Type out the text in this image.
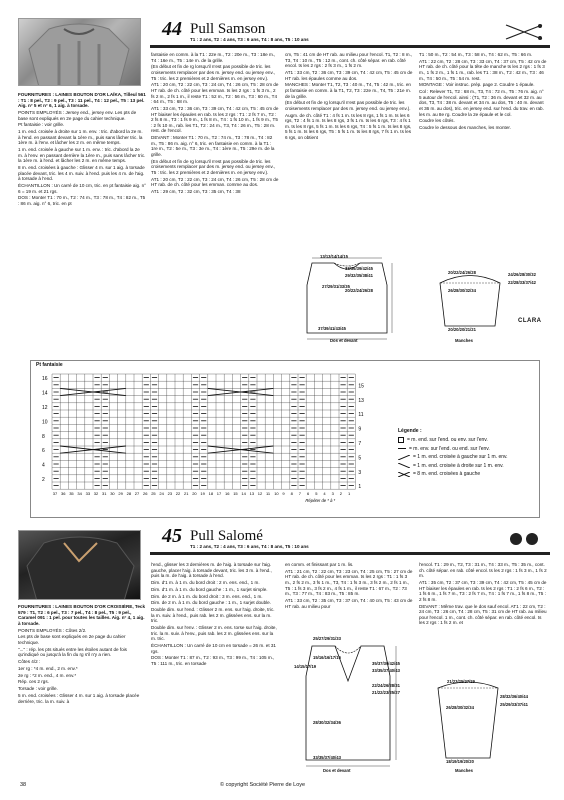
44 Pull Samson
T1 : 2 ans, T2 : 4 ans, T3 : 6 ans, T4 : 8 ans, T5 : 10 ans

FOURNITURES : LAINES BOUTON D'OR LAÏKA, Tilleul 561 : T1 : 8 pel., T2 : 9 pel., T3 : 11 pel., T4 : 12 pel., T5 : 13 pel. Aig. n° 5 et n° 6, 1 aig. à torsade.

POINTS EMPLOYÉS : Jersey end., jersey env. Les pts de base sont expliqués en 2e page du cahier technique.

Pt fantaisie : voir grille.

1 m. end. croisée à droite sur 1 m. env. : tric. d'abord la 2e m. à l'end. en passant devant la 1ère m., puis sans lâcher tric. la 1ère m. à l'env. et lâcher les 2 m. en même temps.

1 m. end. croisée à gauche sur 1 m. env. : tric. d'abord la 2e m. à l'env. en passant derrière la 1ère m., puis sans lâcher tric. la 1ère m. à l'end. et lâcher les 2 m. en même temps.

8 m. end. croisées à gauche : Glisser 4 m. sur 1 aig. à torsade placée devant, tric. les 4 m. suiv. à l'end. puis les 4 m. de l'aig. à torsade à l'end.

ÉCHANTILLON : Un carré de 10 cm, tric. en pt fantaisie aig. n° 6 = 19 m. et 21 rgs.

DOS : Monter T1 : 70 m., T2 : 74 m., T3 : 78 m., T4 : 82 m., T5 : 86 m. aig. n° 6, tric. en pt

fantaisie en comm. à la T1 : 22e m., T2 : 20e m., T3 : 18e m., T4 : 16e m., T5 : 14e m. de la grille.

(En début et fin de rg lorsqu'il n'est pas possible de tric. les croisements remplacer par des m. jersey end. ou jersey env., T5 : tric. les 2 premières et 2 dernières m. en jersey env.).

AT1 : 20 cm, T2 : 22 cm, T3 : 24 cm, T4 : 26 cm, T5 : 28 cm de HT rab. de ch. côté pour les emman. ts les 2 rgs : 1 fs 3 m., 2 fs 2 m., 2 fs 1 m., il reste T1 : 52 m., T2 : 56 m., T3 : 60 m., T4 : 64 m., T5 : 68 m.

AT1 : 33 cm, T2 : 36 cm, T3 : 39 cm, T4 : 42 cm, T5 : 45 cm de HT biaiser les épaules en rab. ts les 2 rgs : T1 : 2 fs 7 m., T2 : 2 fs 8 m., T3 : 1 fs 9 m., 1 fs 8 m., T4 : 1 fs 10 m., 1 fs 9 m., T5 : 2 fs 10 m., rab. les T1, T2 : 24 m., T3, T4 : 26 m., T5 : 28 m. rest. de l'encol.

DEVANT : Monter T1 : 70 m., T2 : 74 m., T3 : 78 m., T4 : 82 m., T5 : 86 m. aig. n° 6, tric. en fantaisie en comm. à la T1 : 1re m., T2 : 5e m., T3 : 3e m., T4 : 1ère m., T5 : 29e m. de la grille.

(En début et fin de rg lorsqu'il n'est pas possible de tric. les croisements remplacer par des m. jersey end. ou jersey env., T5 : tric. les 2 premières et 2 dernières m. en jersey env.).

AT1 : 20 cm, T2 : 22 cm, T3 : 24 cm, T4 : 26 cm, T5 : 28 cm de HT rab. de ch. côté pour les emman. comme au dos.

AT1 : 29 cm, T2 : 32 cm, T3 : 35 cm, T4 : 38

cm, T5 : 41 cm de HT rab. au milieu pour l'encol. T1, T2 : 8 m., T3, T4 : 10 m., T5 : 12 m., cont. ch. côté sépar. en rab. côté encol. ts les 2 rgs : 2 fs 3 m., 1 fs 2 m.

AT1 : 33 cm, T2 : 36 cm, T3 : 39 cm, T4 : 42 cm, T5 : 45 cm de HT rab. les épaules comme au dos.

MANCHES : Monter T1, T2, T3 : 40 m., T4, T5 : 42 m., tric. en pt fantaisie en comm. à la T1, T2, T3 : 22e m., T4, T5 : 21e m. de la grille.

(En début et fin de rg lorsqu'il n'est pas possible de tric. les croisements remplacer par des m. jersey end. ou jersey env.).

Augm. de ch. côté T1 : 4 fs 1 m. ts les 8 rgs, 1 fs 1 m. ts les 6 rgs, T2 : 4 fs 1 m. ts les 8 rgs, 3 fs 1 m. ts les 6 rgs, T3 : 4 fs 1 m. ts les 8 rgs, 5 fs 1 m. ts les 6 rgs, T4 : 5 fs 1 m. ts les 8 rgs, 5 fs 1 m. ts les 6 rgs, T5 : 5 fs 1 m. ts les 8 rgs, 7 fs 1 m. ts les 6 rgs, on obtient

T1 : 50 m., T2 : 54 m., T3 : 58 m., T4 : 62 m., T5 : 66 m.

AT1 : 22 cm, T2 : 28 cm, T3 : 33 cm, T4 : 37 cm, T5 : 42 cm de HT rab. de ch. côté pour la tête de manche ts les 2 rgs : 1 fs 3 m., 1 fs 2 m., 1 fs 1 m., rab. les T1 : 38 m., T2 : 42 m., T3 : 46 m., T4 : 50 m., T5 : 54 m. rest.

MONTAGE : Voir instruc. prép. page 2. Coudre 1 épaule.

Col : Relever T1, T2 : 68 m., T3, T4 : 72 m., T5 : 76 m. aig. n° 5 autour de l'encol. ainsi : (T1, T2 : 36 m. devant et 32 m. au dos, T3, T4 : 38 m. devant et 34 m. au dos, T5 : 40 m. devant et 36 m. au dos), tric. en jersey end. sur l'end. du trav. en rab. les m. au 8e rg. Coudre la 2e épaule et le col.

Coudre les côtés.

Coudre le dessous des manches, les monter.

CLARA
13/13/14/14/15
33/36/39/42/45
29/32/35/38/41
20/22/24/26/28
27/29/31/33/35
37/39/41/43/45
Dos et devant
20/22/24/26/28	24/26/28/30/32
26/28/30/32/34
22/28/33/37/42
20/20/20/21/21
Manches
Pt fantaisie
16
14
12
10
8
6
4
2
15
13
11
9
7
5
3
1
37 36 35 34 33 32 31 30 29 28 27 26 25 24 23 22 21 20 19 18 17 16 15 14 13 12 11 10 9 8 7 6 5 4 3 2 1
Répéter de * à *
Légende :
= m. end. sur l'end. ou env. sur l'env.
= m. env. sur l'end. ou end. sur l'env.
= 1 m. end. croisée à gauche sur 1 m. env.
= 1 m. end. croisée à droite sur 1 m. env.
= 8 m. end. croisées à gauche
45 Pull Salomé
T1 : 2 ans, T2 : 4 ans, T3 : 6 ans, T4 : 8 ans, T5 : 10 ans

FOURNITURES : LAINES BOUTON D'OR CROISIÈRE, Teck 579 : T1, T2 : 6 pel., T3 : 7 pel., T4 : 8 pel., T5 : 9 pel., Caramel 091 : 1 pel. pour toutes les tailles. Aig. n° 4, 1 aig. à torsade.

POINTS EMPLOYÉS : Côtes 2/2.

Les pts de base sont expliqués en 2e page du cahier technique.

"..." : rép. les pts situés entre les étoiles autant de fois qu'indiqué ou jusqu'à la fin du rg s'il n'y a rien.

Côtes 4/2 :

1er rg : *4 m. end., 2 m. env.*

2e rg : *2 m. end., 4 m. env.*

Rép. ces 2 rgs.

Torsade : voir grille.

5 m. end. croisées : Glisser 4 m. sur 1 aig. à torsade placée derrière, tric. la m. suiv. à

l'end., glisser les 3 dernières m. de l'aig. à torsade sur l'aig. gauche, placer l'aig. à torsade devant, tric. les 3 m. à l'end., puis la m. de l'aig. à torsade à l'end.

Dim. d'1 m. à 1 m. du bord droit : 2 m. ens. end., 1 m.

Dim. d'1 m. à 1 m. du bord gauche : 1 m., 1 surjet simple.

Dim. de 2 m. à 1 m. du bord droit : 3 m. ens. end., 1 m.

Dim. de 2 m. à 1 m. du bord gauche : 1 m., 1 surjet double.

Double dim. sur l'end. : Glisser 2 m. ens. sur l'aig. droite, tric. la m. suiv. à l'end., puis rab. les 2 m. glissées ens. sur la m. tric.

Double dim. sur l'env. : Glisser 2 m. ens. torse sur l'aig. droite, tric. la m. suiv. à l'env., puis rab. les 2 m. glissées ens. sur la m. tric.

ÉCHANTILLON : Un carré de 10 cm en torsade = 26 m. et 31 rgs.

DOS : Monter T1 : 87 m., T2 : 93 m., T3 : 99 m., T4 : 105 m., T5 : 111 m., tric. en torsade

en comm. et finissant par 1 m. lis.

AT1 : 21 cm, T2 : 22 cm, T3 : 23 cm, T4 : 25 cm, T5 : 27 cm de HT rab. de ch. côté pour les emman. ts les 2 rgs : T1 : 1 fs 3 m., 2 fs 2 m., 3 fs 1 m., T3, T4 : 1 fs 3 m., 3 fs 2 m., 2 fs 1 m., T5 : 1 fs 3 m., 3 fs 2 m., 4 fs 1 m., il reste T1 : 67 m., T2 : 73 m., T3 : 77 m., T4 : 83 m., T5 : 85 m.

AT1 : 33 cm, T2 : 35 cm, T3 : 37 cm, T4 : 40 cm, T5 : 43 cm de HT rab. au milieu pour

l'encol. T1 : 29 m., T2, T3 : 31 m., T4 : 33 m., T5 : 35 m., cont. ch. côté sépar. en rab. côté encol. ts les 2 rgs : 1 fs 3 m., 1 fs 2 m.

AT1 : 35 cm, T2 : 37 cm, T3 : 39 cm, T4 : 42 cm, T5 : 45 cm de HT biaiser les épaules en rab. ts les 2 rgs : T1 : 2 fs 6 m., T2 : 1 fs 6 m., 1 fs 7 m., T3 : 2 fs 7 m., T4 : 1 fs 7 m., 1 fs 8 m., T5 : 2 fs 8 m.

DEVANT : Même trav. que le dos sauf encol. AT1 : 22 cm, T2 : 24 cm, T3 : 26 cm, T4 : 28 cm, T5 : 31 cm de HT rab. au milieu pour l'encol. 1 m., cont. ch. côté sépar. en rab. côté encol. ts les 2 rgs : 1 fs 2 m. et

25/27/29/31/33
15/16/16/17/16
14/15/17/19
35/37/39/42/45
33/35/37/40/43
22/24/26/28/31
21/22/23/25/27
28/30/32/34/36
33/35/37/40/43
Dos et devant
21/23/25/27/29
28/32/36/40/44
25/29/33/37/41
26/28/30/32/34
18/19/19/20/20
Manches
38	© copyright Société Pierre de Loye
